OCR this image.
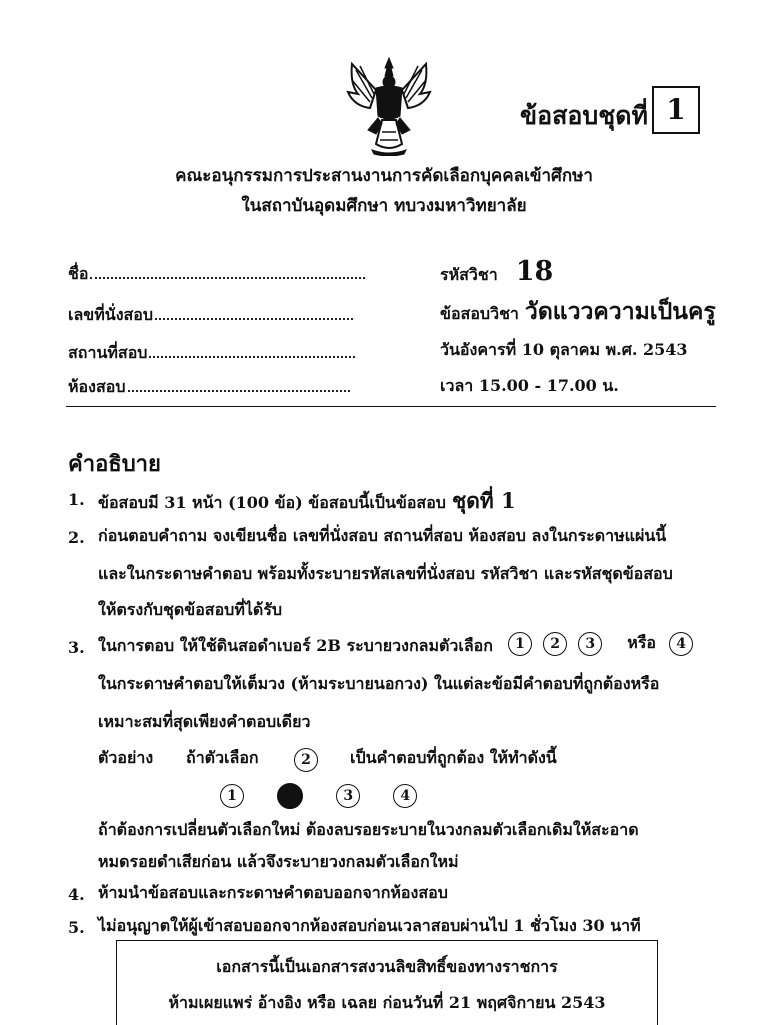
ข้อสอบชุดที่ 1
คณะอนุกรรมการประสานงานการคัดเลือกบุคคลเข้าศึกษา
ในสถาบันอุดมศึกษา ทบวงมหาวิทยาลัย
ชื่อ
เลขที่นั่งสอบ
สถานที่สอบ
ห้องสอบ
รหัสวิชา 18
ข้อสอบวิชา วัดแววความเป็นครู
วันอังคารที่ 10 ตุลาคม พ.ศ. 2543
เวลา 15.00 - 17.00 น.
คำอธิบาย
1. ข้อสอบมี 31 หน้า (100 ข้อ) ข้อสอบนี้เป็นข้อสอบ ชุดที่ 1
2. ก่อนตอบคำถาม จงเขียนชื่อ เลขที่นั่งสอบ สถานที่สอบ ห้องสอบ ลงในกระดาษแผ่นนี้
และในกระดาษคำตอบ พร้อมทั้งระบายรหัสเลขที่นั่งสอบ รหัสวิชา และรหัสชุดข้อสอบ
ให้ตรงกับชุดข้อสอบที่ได้รับ
3. ในการตอบ ให้ใช้ดินสอดำเบอร์ 2B ระบายวงกลมตัวเลือก	1 2 3 หรือ 4
ในกระดาษคำตอบให้เต็มวง (ห้ามระบายนอกวง) ในแต่ละข้อมีคำตอบที่ถูกต้องหรือ
เหมาะสมที่สุดเพียงคำตอบเดียว
ตัวอย่าง ถ้าตัวเลือก	2	เป็นคำตอบที่ถูกต้อง ให้ทำดังนี้
1	3	4
ถ้าต้องการเปลี่ยนตัวเลือกใหม่ ต้องลบรอยระบายในวงกลมตัวเลือกเดิมให้สะอาด
หมดรอยดำเสียก่อน แล้วจึงระบายวงกลมตัวเลือกใหม่
4. ห้ามนำข้อสอบและกระดาษคำตอบออกจากห้องสอบ
5. ไม่อนุญาตให้ผู้เข้าสอบออกจากห้องสอบก่อนเวลาสอบผ่านไป 1 ชั่วโมง 30 นาที
เอกสารนี้เป็นเอกสารสงวนลิขสิทธิ์ของทางราชการ
ห้ามเผยแพร่ อ้างอิง หรือ เฉลย ก่อนวันที่ 21 พฤศจิกายน 2543
